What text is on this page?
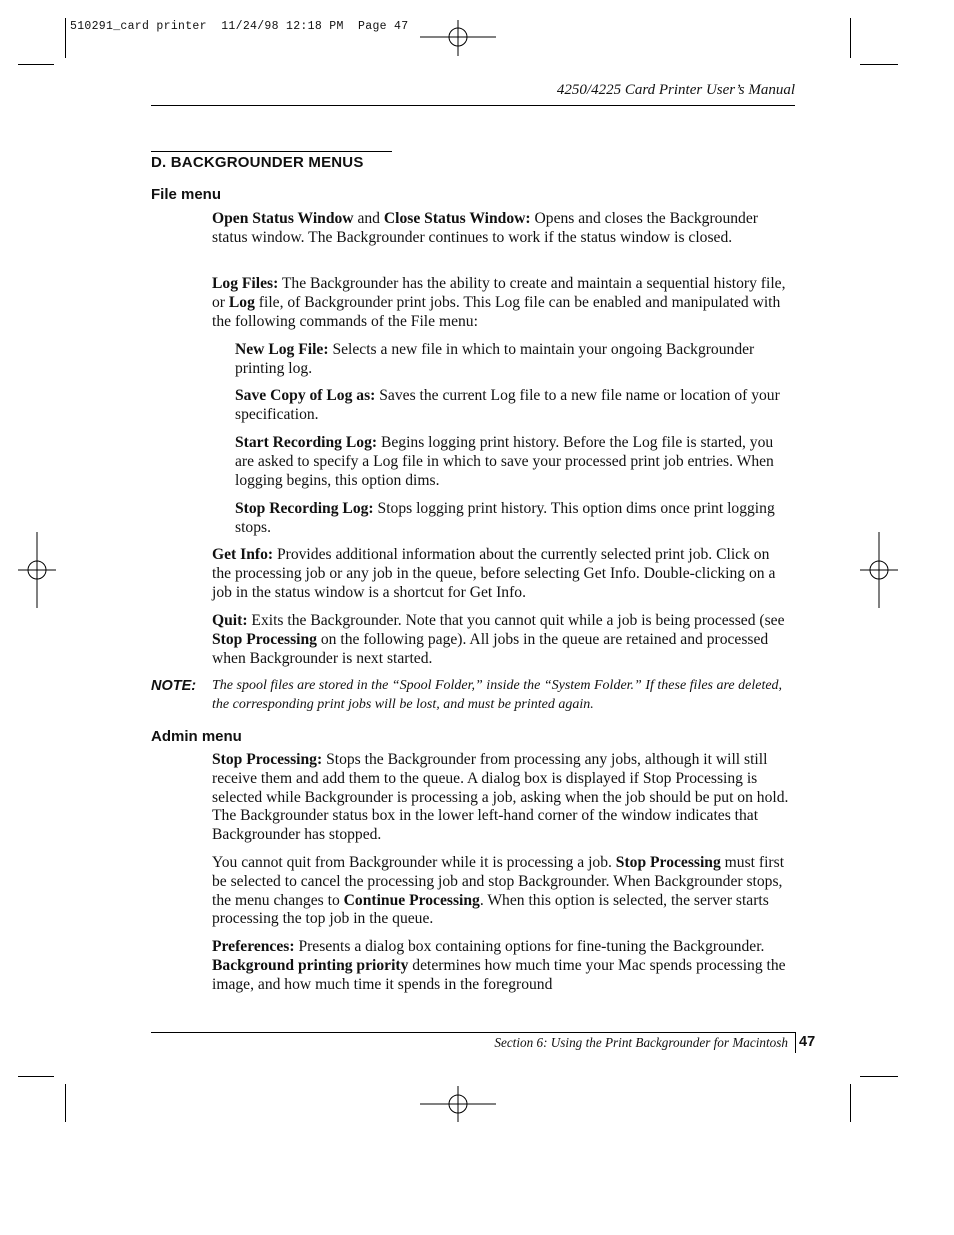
510291_card printer  11/24/98 12:18 PM  Page 47
4250/4225 Card Printer User’s Manual
D. BACKGROUNDER MENUS
File menu

Open Status Window and Close Status Window: Opens and closes the Backgrounder status window. The Backgrounder continues to work if the status window is closed.

Log Files: The Backgrounder has the ability to create and maintain a sequential history file, or Log file, of Backgrounder print jobs. This Log file can be enabled and manipulated with the following commands of the File menu:

New Log File: Selects a new file in which to maintain your ongoing Backgrounder printing log.

Save Copy of Log as: Saves the current Log file to a new file name or location of your specification.

Start Recording Log: Begins logging print history. Before the Log file is started, you are asked to specify a Log file in which to save your processed print job entries. When logging begins, this option dims.

Stop Recording Log: Stops logging print history. This option dims once print logging stops.

Get Info: Provides additional information about the currently selected print job. Click on the processing job or any job in the queue, before selecting Get Info. Double-clicking on a job in the status window is a shortcut for Get Info.

Quit: Exits the Backgrounder. Note that you cannot quit while a job is being processed (see Stop Processing on the following page). All jobs in the queue are retained and processed when Backgrounder is next started.

NOTE: The spool files are stored in the “Spool Folder,” inside the “System Folder.” If these files are deleted, the corresponding print jobs will be lost, and must be printed again.

Admin menu

Stop Processing: Stops the Backgrounder from processing any jobs, although it will still receive them and add them to the queue. A dialog box is displayed if Stop Processing is selected while Backgrounder is processing a job, asking when the job should be put on hold. The Backgrounder status box in the lower left-hand corner of the window indicates that Backgrounder has stopped.

You cannot quit from Backgrounder while it is processing a job. Stop Processing must first be selected to cancel the processing job and stop Backgrounder. When Backgrounder stops, the menu changes to Continue Processing. When this option is selected, the server starts processing the top job in the queue.

Preferences: Presents a dialog box containing options for fine-tuning the Backgrounder. Background printing priority determines how much time your Mac spends processing the image, and how much time it spends in the foreground

Section 6: Using the Print Backgrounder for Macintosh 47
